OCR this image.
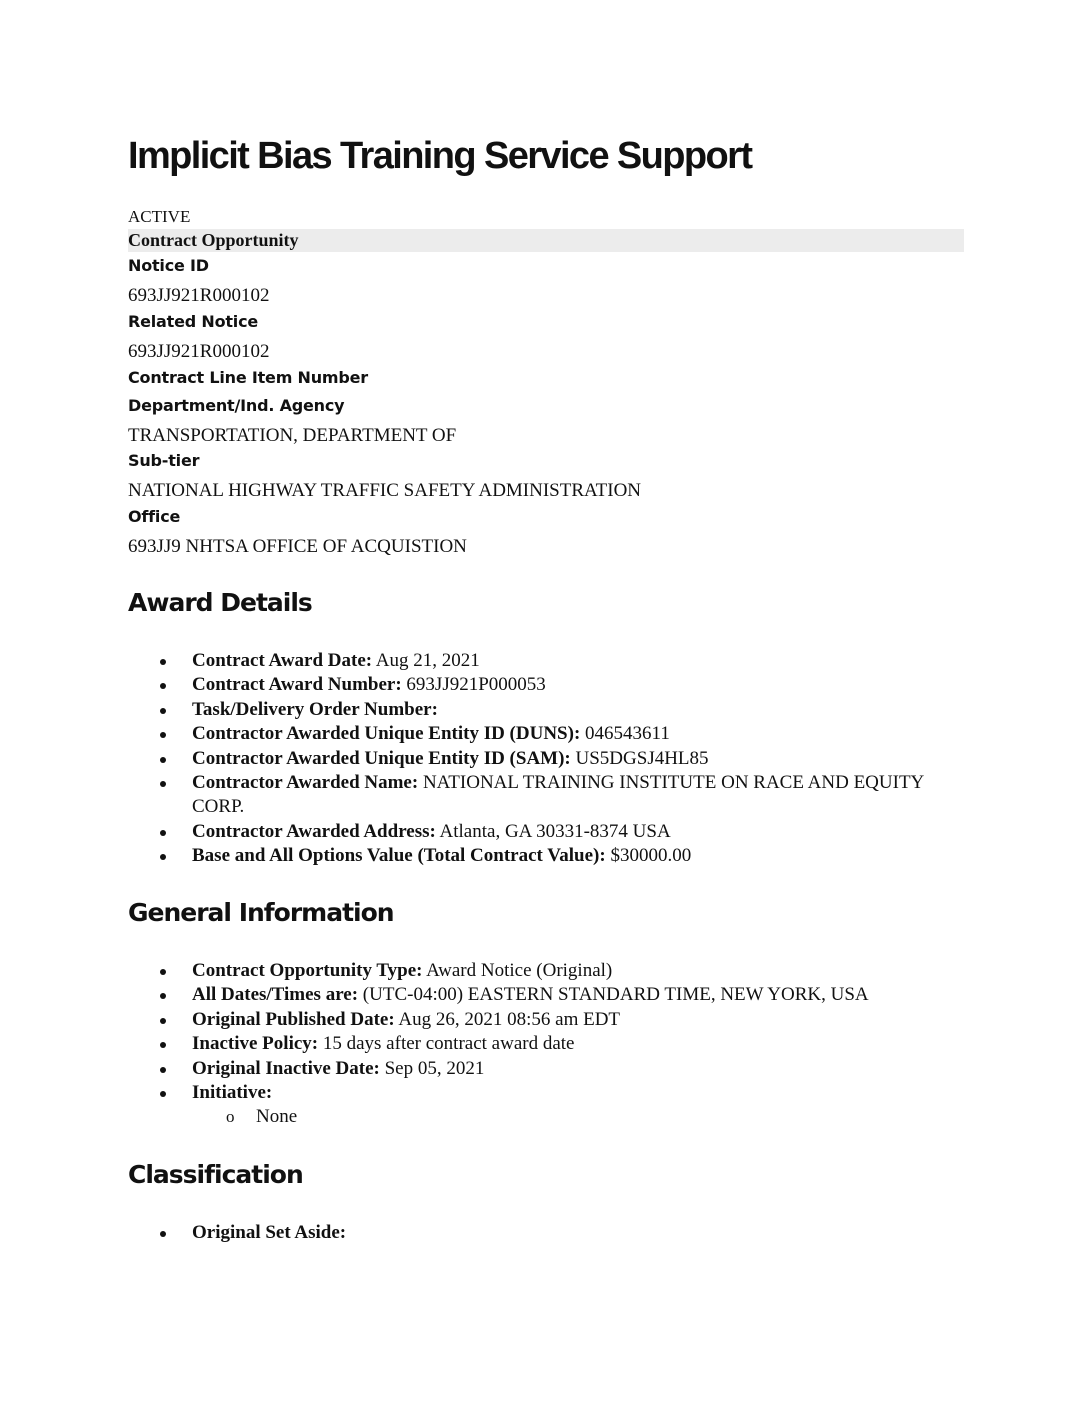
Implicit Bias Training Service Support
ACTIVE
Contract Opportunity
Notice ID
693JJ921R000102
Related Notice
693JJ921R000102
Contract Line Item Number
Department/Ind. Agency
TRANSPORTATION, DEPARTMENT OF
Sub-tier
NATIONAL HIGHWAY TRAFFIC SAFETY ADMINISTRATION
Office
693JJ9 NHTSA OFFICE OF ACQUISTION
Award Details
Contract Award Date: Aug 21, 2021
Contract Award Number: 693JJ921P000053
Task/Delivery Order Number:
Contractor Awarded Unique Entity ID (DUNS): 046543611
Contractor Awarded Unique Entity ID (SAM): US5DGSJ4HL85
Contractor Awarded Name: NATIONAL TRAINING INSTITUTE ON RACE AND EQUITY CORP.
Contractor Awarded Address: Atlanta, GA 30331-8374 USA
Base and All Options Value (Total Contract Value): $30000.00
General Information
Contract Opportunity Type: Award Notice (Original)
All Dates/Times are: (UTC-04:00) EASTERN STANDARD TIME, NEW YORK, USA
Original Published Date: Aug 26, 2021 08:56 am EDT
Inactive Policy: 15 days after contract award date
Original Inactive Date: Sep 05, 2021
Initiative:
o None
Classification
Original Set Aside:
